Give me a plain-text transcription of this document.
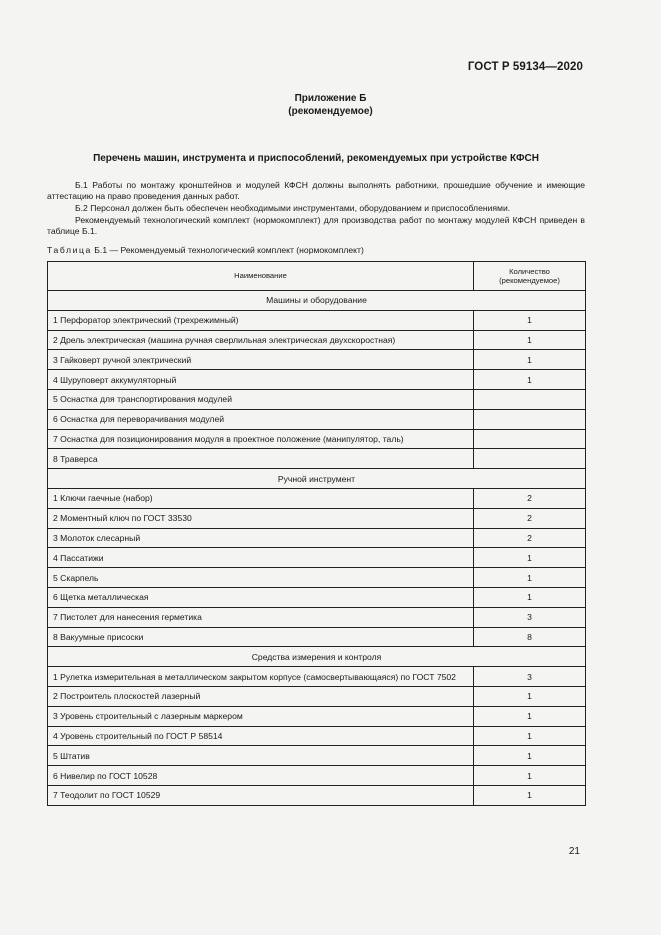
ГОСТ Р 59134—2020
Приложение Б
(рекомендуемое)
Перечень машин, инструмента и приспособлений, рекомендуемых при устройстве КФСН
Б.1 Работы по монтажу кронштейнов и модулей КФСН должны выполнять работники, прошедшие обучение и имеющие аттестацию на право проведения данных работ.
Б.2 Персонал должен быть обеспечен необходимыми инструментами, оборудованием и приспособлениями.
Рекомендуемый технологический комплект (нормокомплект) для производства работ по монтажу модулей КФСН приведен в таблице Б.1.
Таблица Б.1 — Рекомендуемый технологический комплект (нормокомплект)
Наименование	Количество
(рекомендуемое)

Машины и оборудование	
1 Перфоратор электрический (трехрежимный)	1
2 Дрель электрическая (машина ручная сверлильная электрическая двухскоростная)	1
3 Гайковерт ручной электрический	1
4 Шуруповерт аккумуляторный	1
5 Оснастка для транспортирования модулей	
6 Оснастка для переворачивания модулей	
7 Оснастка для позиционирования модуля в проектное положение (манипулятор, таль)	
8 Траверса	
Ручной инструмент	
1 Ключи гаечные (набор)	2
2 Моментный ключ по ГОСТ 33530	2
3 Молоток слесарный	2
4 Пассатижи	1
5 Скарпель	1
6 Щетка металлическая	1
7 Пистолет для нанесения герметика	3
8 Вакуумные присоски	8
Средства измерения и контроля	
1 Рулетка измерительная в металлическом закрытом корпусе (самосвертывающаяся) по ГОСТ 7502	3
2 Построитель плоскостей лазерный	1
3 Уровень строительный с лазерным маркером	1
4 Уровень строительный по ГОСТ Р 58514	1
5 Штатив	1
6 Нивелир по ГОСТ 10528	1
7 Теодолит по ГОСТ 10529	1
21
